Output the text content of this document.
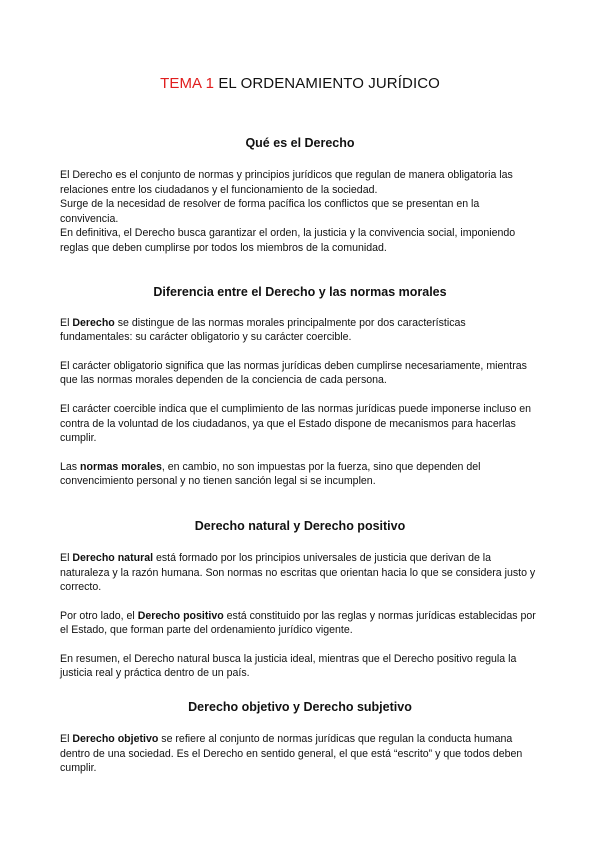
TEMA 1 EL ORDENAMIENTO JURÍDICO
Qué es el Derecho

El Derecho es el conjunto de normas y principios jurídicos que regulan de manera obligatoria las relaciones entre los ciudadanos y el funcionamiento de la sociedad.

Surge de la necesidad de resolver de forma pacífica los conflictos que se presentan en la convivencia.

En definitiva, el Derecho busca garantizar el orden, la justicia y la convivencia social, imponiendo reglas que deben cumplirse por todos los miembros de la comunidad.

Diferencia entre el Derecho y las normas morales

El Derecho se distingue de las normas morales principalmente por dos características fundamentales: su carácter obligatorio y su carácter coercible.

El carácter obligatorio significa que las normas jurídicas deben cumplirse necesariamente, mientras que las normas morales dependen de la conciencia de cada persona.

El carácter coercible indica que el cumplimiento de las normas jurídicas puede imponerse incluso en contra de la voluntad de los ciudadanos, ya que el Estado dispone de mecanismos para hacerlas cumplir.

Las normas morales, en cambio, no son impuestas por la fuerza, sino que dependen del convencimiento personal y no tienen sanción legal si se incumplen.

Derecho natural y Derecho positivo

El Derecho natural está formado por los principios universales de justicia que derivan de la naturaleza y la razón humana. Son normas no escritas que orientan hacia lo que se considera justo y correcto.

Por otro lado, el Derecho positivo está constituido por las reglas y normas jurídicas establecidas por el Estado, que forman parte del ordenamiento jurídico vigente.

En resumen, el Derecho natural busca la justicia ideal, mientras que el Derecho positivo regula la justicia real y práctica dentro de un país.

Derecho objetivo y Derecho subjetivo

El Derecho objetivo se refiere al conjunto de normas jurídicas que regulan la conducta humana dentro de una sociedad. Es el Derecho en sentido general, el que está “escrito” y que todos deben cumplir.
